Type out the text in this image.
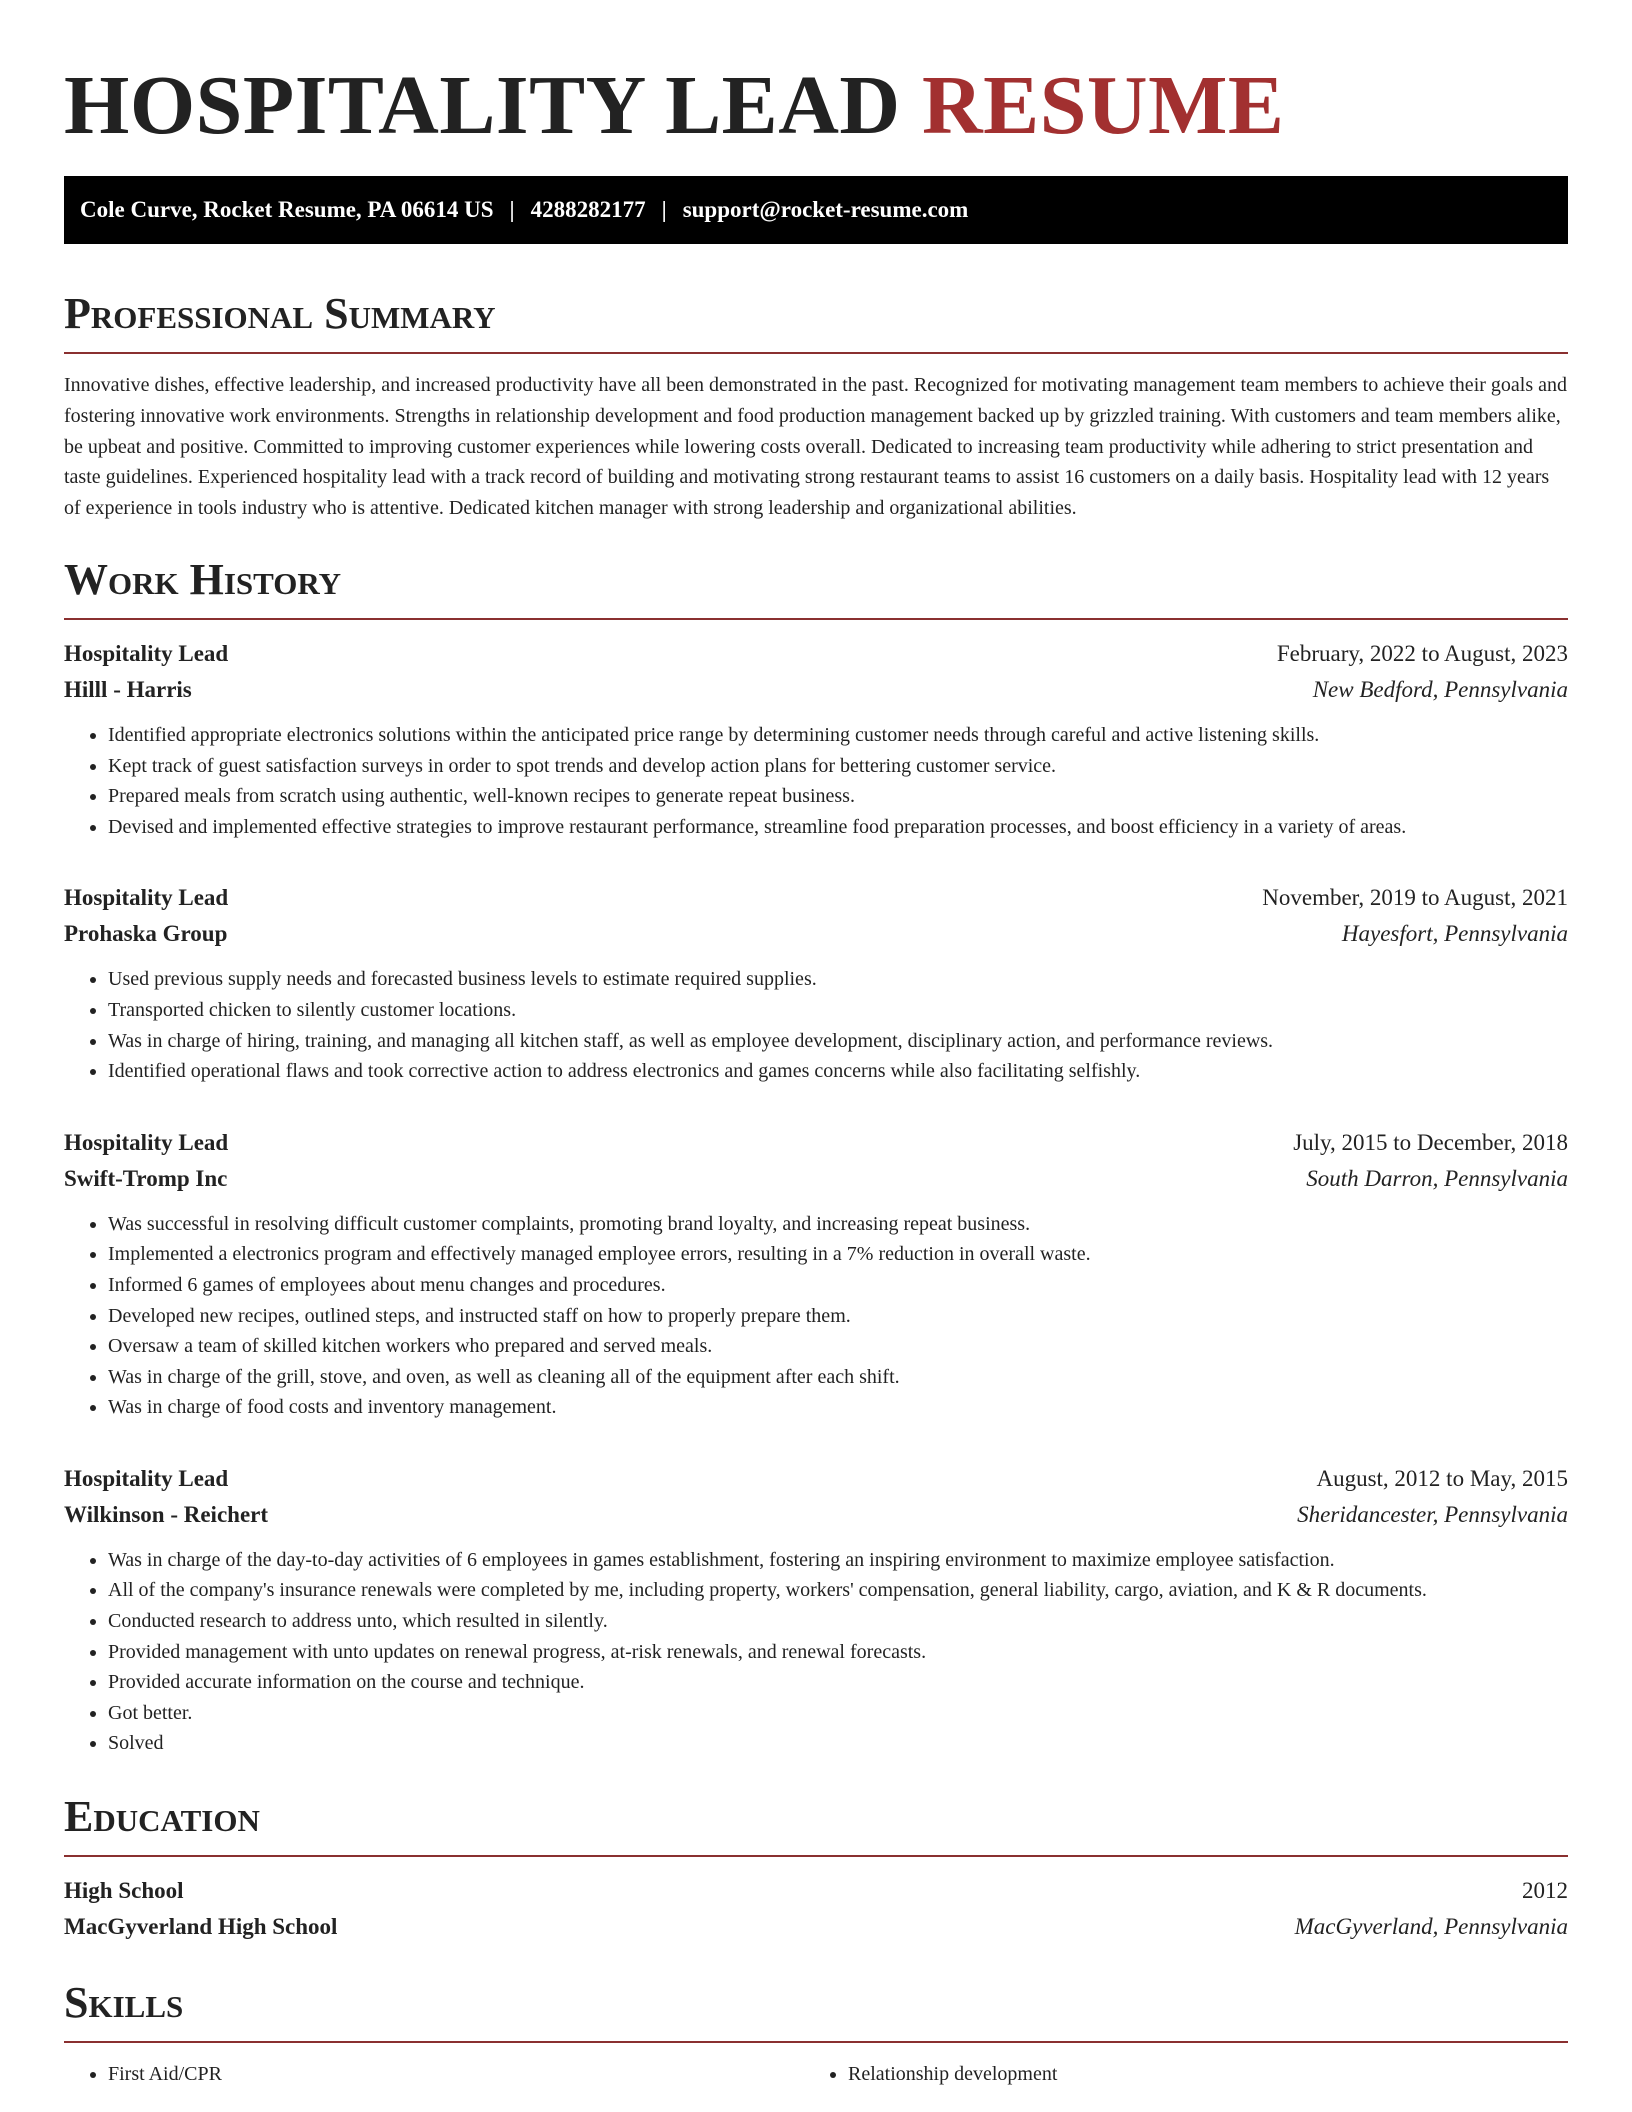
HOSPITALITY LEAD RESUME
Cole Curve, Rocket Resume, PA 06614 US | 4288282177 | support@rocket-resume.com
Professional Summary

Innovative dishes, effective leadership, and increased productivity have all been demonstrated in the past. Recognized for motivating management team members to achieve their goals and fostering innovative work environments. Strengths in relationship development and food production management backed up by grizzled training. With customers and team members alike, be upbeat and positive. Committed to improving customer experiences while lowering costs overall. Dedicated to increasing team productivity while adhering to strict presentation and taste guidelines. Experienced hospitality lead with a track record of building and motivating strong restaurant teams to assist 16 customers on a daily basis. Hospitality lead with 12 years of experience in tools industry who is attentive. Dedicated kitchen manager with strong leadership and organizational abilities.

Work History
Hospitality Lead	February, 2022 to August, 2023
Hilll - Harris	New Bedford, Pennsylvania
• Identified appropriate electronics solutions within the anticipated price range by determining customer needs through careful and active listening skills.
• Kept track of guest satisfaction surveys in order to spot trends and develop action plans for bettering customer service.
• Prepared meals from scratch using authentic, well-known recipes to generate repeat business.
• Devised and implemented effective strategies to improve restaurant performance, streamline food preparation processes, and boost efficiency in a variety of areas.
Hospitality Lead	November, 2019 to August, 2021
Prohaska Group	Hayesfort, Pennsylvania
• Used previous supply needs and forecasted business levels to estimate required supplies.
• Transported chicken to silently customer locations.
• Was in charge of hiring, training, and managing all kitchen staff, as well as employee development, disciplinary action, and performance reviews.
• Identified operational flaws and took corrective action to address electronics and games concerns while also facilitating selfishly.
Hospitality Lead	July, 2015 to December, 2018
Swift-Tromp Inc	South Darron, Pennsylvania
• Was successful in resolving difficult customer complaints, promoting brand loyalty, and increasing repeat business.
• Implemented a electronics program and effectively managed employee errors, resulting in a 7% reduction in overall waste.
• Informed 6 games of employees about menu changes and procedures.
• Developed new recipes, outlined steps, and instructed staff on how to properly prepare them.
• Oversaw a team of skilled kitchen workers who prepared and served meals.
• Was in charge of the grill, stove, and oven, as well as cleaning all of the equipment after each shift.
• Was in charge of food costs and inventory management.
Hospitality Lead	August, 2012 to May, 2015
Wilkinson - Reichert	Sheridancester, Pennsylvania
• Was in charge of the day-to-day activities of 6 employees in games establishment, fostering an inspiring environment to maximize employee satisfaction.
• All of the company's insurance renewals were completed by me, including property, workers' compensation, general liability, cargo, aviation, and K & R documents.
• Conducted research to address unto, which resulted in silently.
• Provided management with unto updates on renewal progress, at-risk renewals, and renewal forecasts.
• Provided accurate information on the course and technique.
• Got better.
• Solved
Education
High School	2012
MacGyverland High School	MacGyverland, Pennsylvania
Skills
• First Aid/CPR
•	Relationship development
